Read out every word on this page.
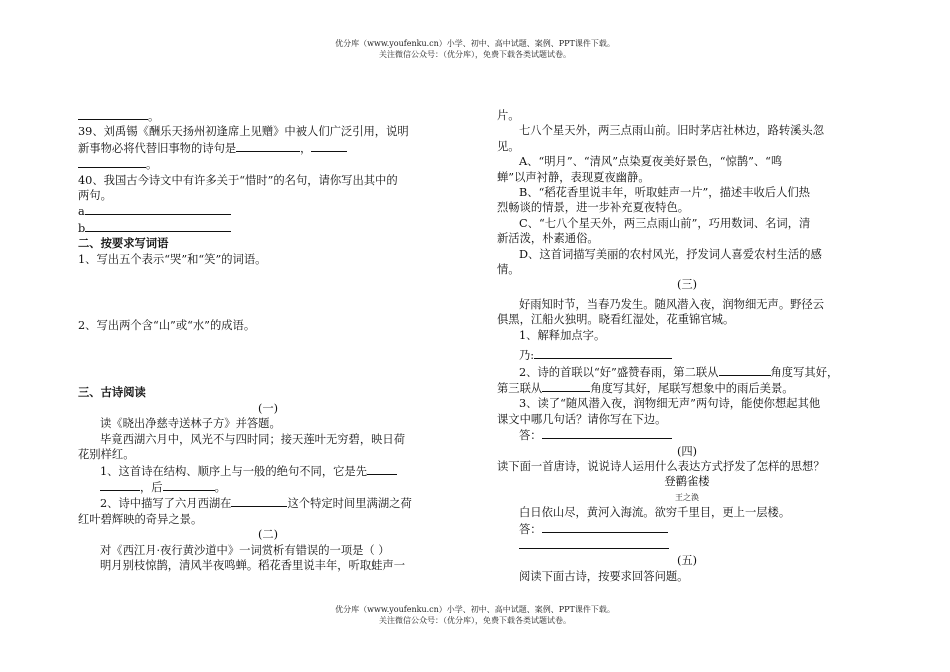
优分库（www.youfenku.cn）小学、初中、高中试题、案例、PPT课件下载。
关注微信公众号：（优分库），免费下载各类试题试卷。
。
39、刘禹锡《酬乐天扬州初逢席上见赠》中被人们广泛引用，说明
新事物必将代替旧事物的诗句是	，
。
40、我国古今诗文中有许多关于“惜时”的名句，请你写出其中的
两句。
a
b
二、按要求写词语
1、写出五个表示“哭”和“笑”的词语。
2、写出两个含“山”或“水”的成语。
三、古诗阅读
(一)
读《晓出净慈寺送林子方》并答题。
毕竟西湖六月中，风光不与四时同；接天莲叶无穷碧，映日荷
花别样红。
1、这首诗在结构、顺序上与一般的绝句不同，它是先
，后	。
2、诗中描写了六月西湖在	这个特定时间里满湖之荷
红叶碧辉映的奇异之景。
(二)
对《西江月·夜行黄沙道中》一词赏析有错误的一项是（ ）
明月别枝惊鹊，清风半夜鸣蝉。稻花香里说丰年，听取蛙声一
片。
七八个星天外，两三点雨山前。旧时茅店社林边，路转溪头忽
见。
A、“明月”、“清风”点染夏夜美好景色，“惊鹊”、“鸣
蝉”以声衬静，表现夏夜幽静。
B、“稻花香里说丰年，听取蛙声一片”，描述丰收后人们热
烈畅谈的情景，进一步补充夏夜特色。
C、“七八个星天外，两三点雨山前”，巧用数词、名词，清
新活泼，朴素通俗。
D、这首词描写美丽的农村风光，抒发词人喜爱农村生活的感
情。
(三)
好雨知时节，当春乃发生。随风潜入夜，润物细无声。野径云
俱黑，江船火独明。晓看红湿处，花重锦官城。
1、解释加点字。
乃:
2、诗的首联以“好”盛赞春雨，第二联从	角度写其好，
第三联从	角度写其好，尾联写想象中的雨后美景。
3、读了“随风潜入夜，润物细无声”两句诗，能使你想起其他
课文中哪几句话？请你写在下边。
答：
(四)
读下面一首唐诗，说说诗人运用什么表达方式抒发了怎样的思想？
登鹳雀楼
王之涣
白日依山尽，黄河入海流。欲穷千里目，更上一层楼。
答：
(五)
阅读下面古诗，按要求回答问题。
优分库（www.youfenku.cn）小学、初中、高中试题、案例、PPT课件下载。
关注微信公众号：（优分库），免费下载各类试题试卷。
